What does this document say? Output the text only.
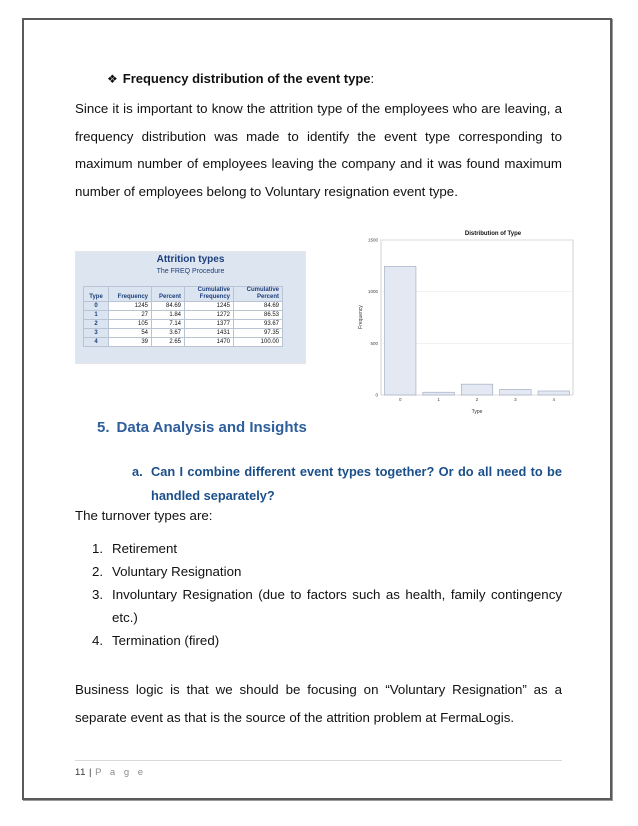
❖ Frequency distribution of the event type:
Since it is important to know the attrition type of the employees who are leaving, a frequency distribution was made to identify the event type corresponding to maximum number of employees leaving the company and it was found maximum number of employees belong to Voluntary resignation event type.
Attrition types
The FREQ Procedure
Type	Frequency	Percent	Cumulative Frequency	Cumulative Percent
0	1245	84.69	1245	84.69
1	27	1.84	1272	86.53
2	105	7.14	1377	93.67
3	54	3.67	1431	97.35
4	39	2.65	1470	100.00
Distribution of Type
0
500
1000
1500
0	1	2	3	4
Type
Frequency
5. Data Analysis and Insights
a. Can I combine different event types together? Or do all need to be handled separately?
The turnover types are:
1. Retirement
2. Voluntary Resignation
3. Involuntary Resignation (due to factors such as health, family contingency etc.)
4. Termination (fired)
Business logic is that we should be focusing on “Voluntary Resignation” as a separate event as that is the source of the attrition problem at FermaLogis.
11 | P a g e
